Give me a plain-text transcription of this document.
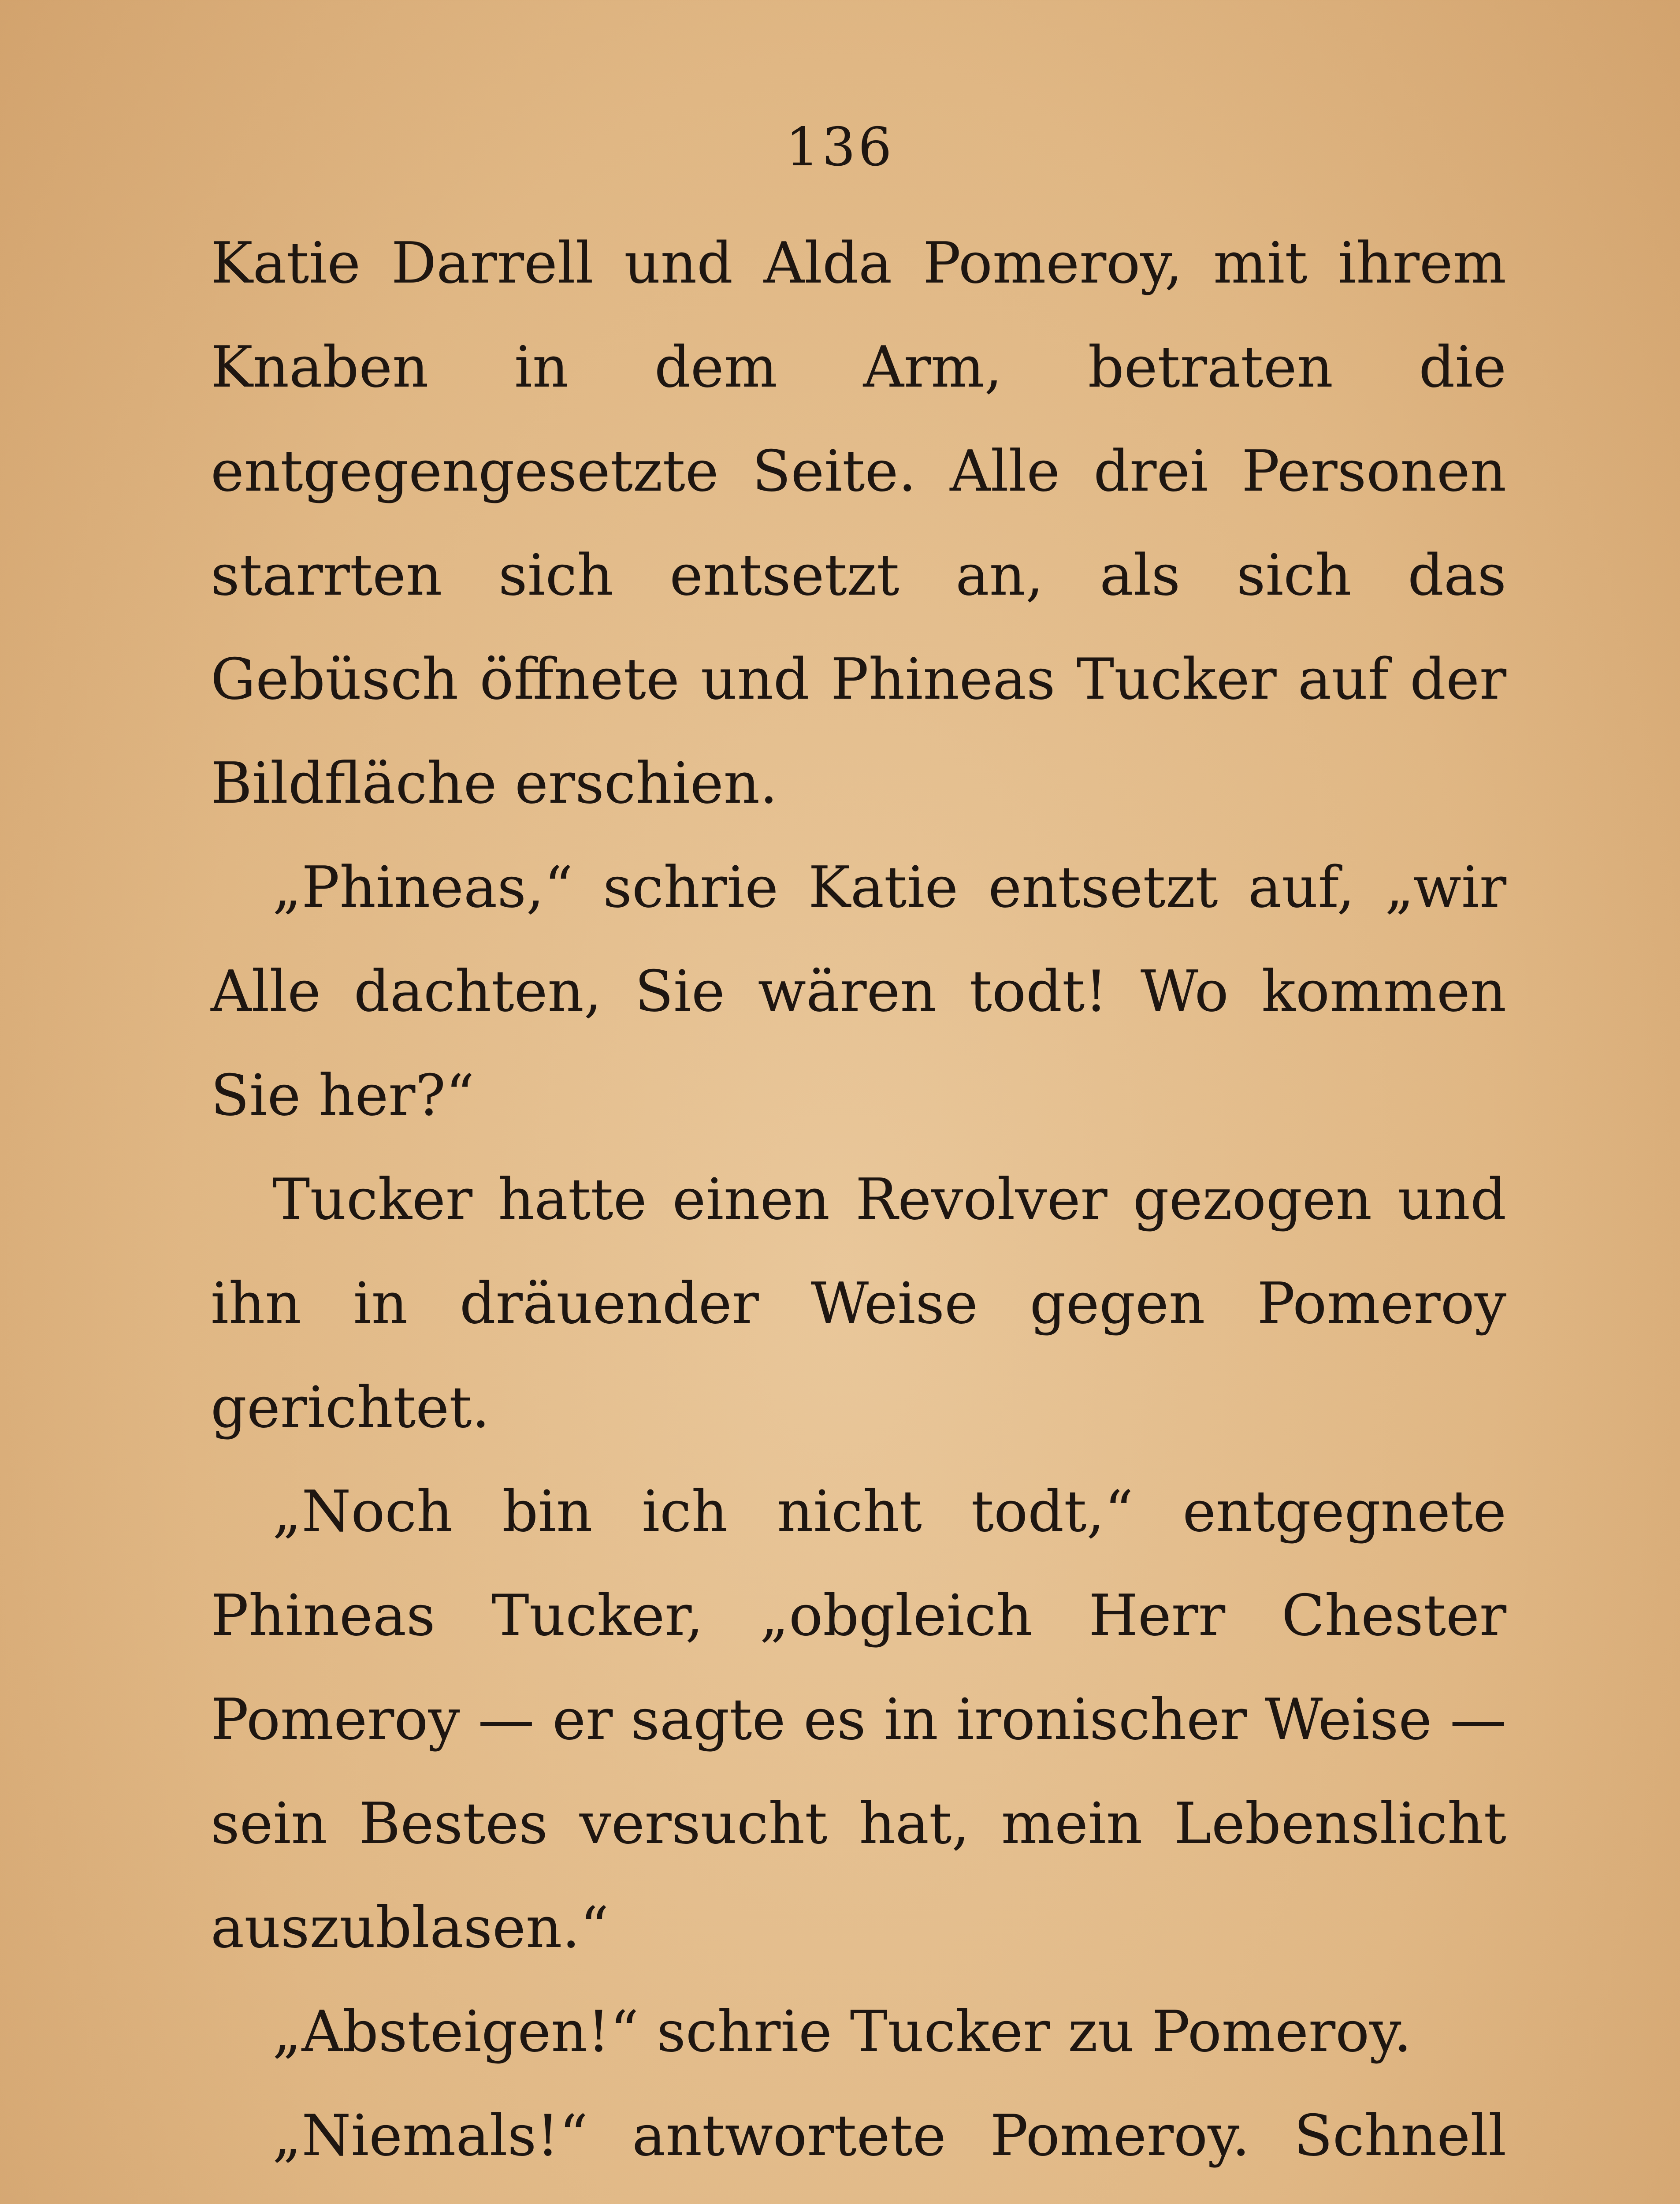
136

Katie Darrell und Alda Pomeroy, mit ihrem Knaben in dem Arm, betraten die entgegengesetzte Seite. Alle drei Personen starrten sich entsetzt an, als sich das Gebüsch öffnete und Phineas Tucker auf der Bildfläche erschien.

„Phineas,“ schrie Katie entsetzt auf, „wir Alle dachten, Sie wären todt! Wo kommen Sie her?“

Tucker hatte einen Revolver gezogen und ihn in dräuender Weise gegen Pomeroy gerichtet.

„Noch bin ich nicht todt,“ entgegnete Phineas Tucker, „obgleich Herr Chester Pomeroy — er sagte es in ironischer Weise — sein Bestes versucht hat, mein Lebenslicht auszublasen.“

„Absteigen!“ schrie Tucker zu Pomeroy.

„Niemals!“ antwortete Pomeroy. Schnell
